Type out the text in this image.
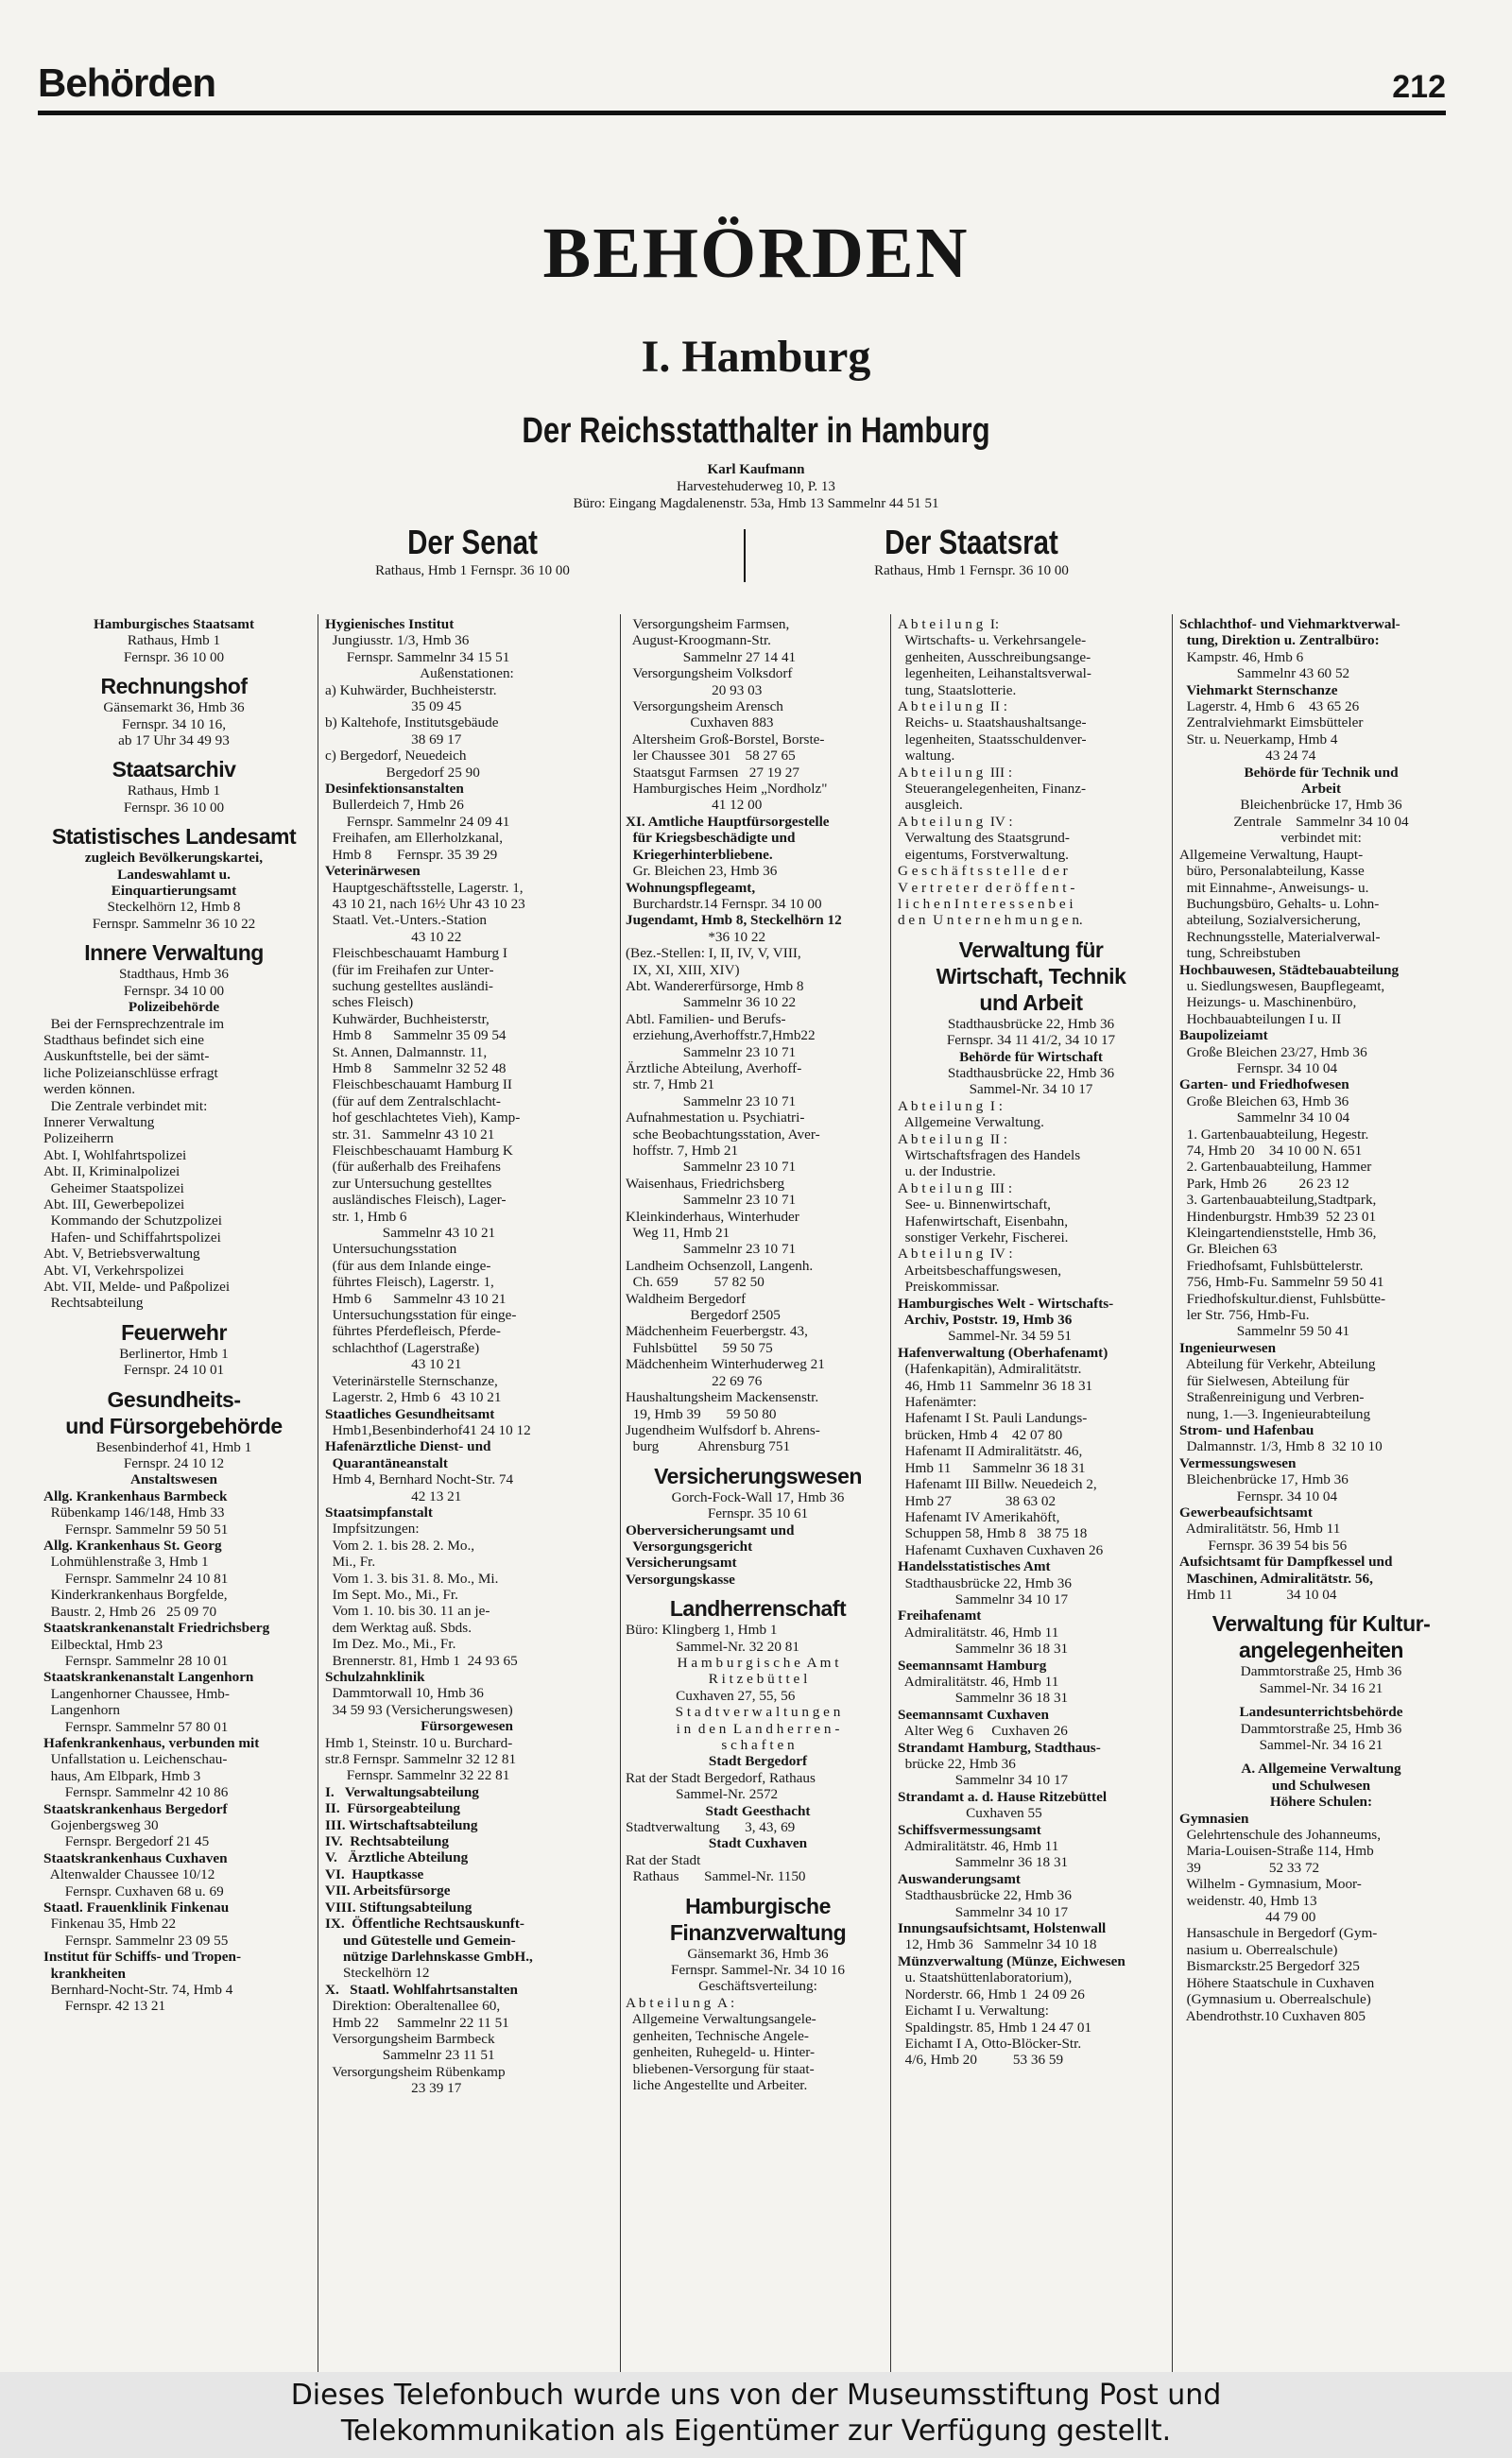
Behörden	212
BEHÖRDEN
I. Hamburg
Der Reichsstatthalter in Hamburg
Karl Kaufmann
Harvestehuderweg 10, P. 13
Büro: Eingang Magdalenenstr. 53a, Hmb 13 Sammelnr 44 51 51
Der Senat
Rathaus, Hmb 1 Fernspr. 36 10 00
Der Staatsrat
Rathaus, Hmb 1 Fernspr. 36 10 00
Hamburgisches Staatsamt
Rathaus, Hmb 1
Fernspr. 36 10 00
Rechnungshof
Gänsemarkt 36, Hmb 36
Fernspr. 34 10 16,
ab 17 Uhr 34 49 93
Staatsarchiv
Rathaus, Hmb 1
Fernspr. 36 10 00
Statistisches Landesamt
zugleich Bevölkerungskartei,
Landeswahlamt u.
Einquartierungsamt
Steckelhörn 12, Hmb 8
Fernspr. Sammelnr 36 10 22
Innere Verwaltung
Stadthaus, Hmb 36
Fernspr. 34 10 00
Polizeibehörde
Bei der Fernsprechzentrale im
Stadthaus befindet sich eine
Auskunftstelle, bei der sämt-
liche Polizeianschlüsse erfragt
werden können.
Die Zentrale verbindet mit:
Innerer Verwaltung
Polizeiherrn
Abt. I, Wohlfahrtspolizei
Abt. II, Kriminalpolizei
Geheimer Staatspolizei
Abt. III, Gewerbepolizei
Kommando der Schutzpolizei
Hafen- und Schiffahrtspolizei
Abt. V, Betriebsverwaltung
Abt. VI, Verkehrspolizei
Abt. VII, Melde- und Paßpolizei
Rechtsabteilung
Feuerwehr
Berlinertor, Hmb 1
Fernspr. 24 10 01
Gesundheits-
und Fürsorgebehörde
Besenbinderhof 41, Hmb 1
Fernspr. 24 10 12
Anstaltswesen
Allg. Krankenhaus Barmbeck
Rübenkamp 146/148, Hmb 33
Fernspr. Sammelnr 59 50 51
Allg. Krankenhaus St. Georg
Lohmühlenstraße 3, Hmb 1
Fernspr. Sammelnr 24 10 81
Kinderkrankenhaus Borgfelde,
Baustr. 2, Hmb 26   25 09 70
Staatskrankenanstalt Friedrichsberg
Eilbecktal, Hmb 23
Fernspr. Sammelnr 28 10 01
Staatskrankenanstalt Langenhorn
Langenhorner Chaussee, Hmb-
Langenhorn
Fernspr. Sammelnr 57 80 01
Hafenkrankenhaus, verbunden mit
Unfallstation u. Leichenschau-
haus, Am Elbpark, Hmb 3
Fernspr. Sammelnr 42 10 86
Staatskrankenhaus Bergedorf
Gojenbergsweg 30
Fernspr. Bergedorf 21 45
Staatskrankenhaus Cuxhaven
Altenwalder Chaussee 10/12
Fernspr. Cuxhaven 68 u. 69
Staatl. Frauenklinik Finkenau
Finkenau 35, Hmb 22
Fernspr. Sammelnr 23 09 55
Institut für Schiffs- und Tropen-
krankheiten
Bernhard-Nocht-Str. 74, Hmb 4
Fernspr. 42 13 21
Hygienisches Institut
Jungiusstr. 1/3, Hmb 36
Fernspr. Sammelnr 34 15 51
Außenstationen:
a) Kuhwärder, Buchheisterstr.
35 09 45
b) Kaltehofe, Institutsgebäude
38 69 17
c) Bergedorf, Neuedeich
Bergedorf 25 90
Desinfektionsanstalten
Bullerdeich 7, Hmb 26
Fernspr. Sammelnr 24 09 41
Freihafen, am Ellerholzkanal,
Hmb 8       Fernspr. 35 39 29
Veterinärwesen
Hauptgeschäftsstelle, Lagerstr. 1,
43 10 21, nach 16½ Uhr 43 10 23
Staatl. Vet.-Unters.-Station
43 10 22
Fleischbeschauamt Hamburg I
(für im Freihafen zur Unter-
suchung gestelltes ausländi-
sches Fleisch)
Kuhwärder, Buchheisterstr,
Hmb 8      Sammelnr 35 09 54
St. Annen, Dalmannstr. 11,
Hmb 8      Sammelnr 32 52 48
Fleischbeschauamt Hamburg II
(für auf dem Zentralschlacht-
hof geschlachtetes Vieh), Kamp-
str. 31.   Sammelnr 43 10 21
Fleischbeschauamt Hamburg K
(für außerhalb des Freihafens
zur Untersuchung gestelltes
ausländisches Fleisch), Lager-
str. 1, Hmb 6
Sammelnr 43 10 21
Untersuchungsstation
(für aus dem Inlande einge-
führtes Fleisch), Lagerstr. 1,
Hmb 6      Sammelnr 43 10 21
Untersuchungsstation für einge-
führtes Pferdefleisch, Pferde-
schlachthof (Lagerstraße)
43 10 21
Veterinärstelle Sternschanze,
Lagerstr. 2, Hmb 6   43 10 21
Staatliches Gesundheitsamt
Hmb1,Besenbinderhof41 24 10 12
Hafenärztliche Dienst- und
Quarantäneanstalt
Hmb 4, Bernhard Nocht-Str. 74
42 13 21
Staatsimpfanstalt
Impfsitzungen:
Vom 2. 1. bis 28. 2. Mo.,
Mi., Fr.
Vom 1. 3. bis 31. 8. Mo., Mi.
Im Sept. Mo., Mi., Fr.
Vom 1. 10. bis 30. 11 an je-
dem Werktag auß. Sbds.
Im Dez. Mo., Mi., Fr.
Brennerstr. 81, Hmb 1  24 93 65
Schulzahnklinik
Dammtorwall 10, Hmb 36
34 59 93 (Versicherungswesen)
Fürsorgewesen
Hmb 1, Steinstr. 10 u. Burchard-
str.8 Fernspr. Sammelnr 32 12 81
Fernspr. Sammelnr 32 22 81
I.   Verwaltungsabteilung
II.  Fürsorgeabteilung
III. Wirtschaftsabteilung
IV.  Rechtsabteilung
V.   Ärztliche Abteilung
VI.  Hauptkasse
VII. Arbeitsfürsorge
VIII. Stiftungsabteilung
IX.  Öffentliche Rechtsauskunft-
und Gütestelle und Gemein-
nützige Darlehnskasse GmbH.,
Steckelhörn 12
X.   Staatl. Wohlfahrtsanstalten
Direktion: Oberaltenallee 60,
Hmb 22     Sammelnr 22 11 51
Versorgungsheim Barmbeck
Sammelnr 23 11 51
Versorgungsheim Rübenkamp
23 39 17
Versorgungsheim Farmsen,
August-Kroogmann-Str.
Sammelnr 27 14 41
Versorgungsheim Volksdorf
20 93 03
Versorgungsheim Arensch
Cuxhaven 883
Altersheim Groß-Borstel, Borste-
ler Chaussee 301    58 27 65
Staatsgut Farmsen   27 19 27
Hamburgisches Heim „Nordholz"
41 12 00
XI. Amtliche Hauptfürsorgestelle
für Kriegsbeschädigte und
Kriegerhinterbliebene.
Gr. Bleichen 23, Hmb 36
Wohnungspflegeamt,
Burchardstr.14 Fernspr. 34 10 00
Jugendamt, Hmb 8, Steckelhörn 12
*36 10 22
(Bez.-Stellen: I, II, IV, V, VIII,
IX, XI, XIII, XIV)
Abt. Wandererfürsorge, Hmb 8
Sammelnr 36 10 22
Abtl. Familien- und Berufs-
erziehung,Averhoffstr.7,Hmb22
Sammelnr 23 10 71
Ärztliche Abteilung, Averhoff-
str. 7, Hmb 21
Sammelnr 23 10 71
Aufnahmestation u. Psychiatri-
sche Beobachtungsstation, Aver-
hoffstr. 7, Hmb 21
Sammelnr 23 10 71
Waisenhaus, Friedrichsberg
Sammelnr 23 10 71
Kleinkinderhaus, Winterhuder
Weg 11, Hmb 21
Sammelnr 23 10 71
Landheim Ochsenzoll, Langenh.
Ch. 659          57 82 50
Waldheim Bergedorf
Bergedorf 2505
Mädchenheim Feuerbergstr. 43,
Fuhlsbüttel       59 50 75
Mädchenheim Winterhuderweg 21
22 69 76
Haushaltungsheim Mackensenstr.
19, Hmb 39       59 50 80
Jugendheim Wulfsdorf b. Ahrens-
burg           Ahrensburg 751
Versicherungswesen
Gorch-Fock-Wall 17, Hmb 36
Fernspr. 35 10 61
Oberversicherungsamt und
Versorgungsgericht
Versicherungsamt
Versorgungskasse
Landherrenschaft
Büro: Klingberg 1, Hmb 1
Sammel-Nr. 32 20 81
H a m b u r g i s c h e  A m t
R i t z e b ü t t e l
Cuxhaven 27, 55, 56
S t a d t v e r w a l t u n g e n
i n  d e n  L a n d h e r r e n -
s c h a f t e n
Stadt Bergedorf
Rat der Stadt Bergedorf, Rathaus
Sammel-Nr. 2572
Stadt Geesthacht
Stadtverwaltung       3, 43, 69
Stadt Cuxhaven
Rat der Stadt
Rathaus       Sammel-Nr. 1150
Hamburgische
Finanzverwaltung
Gänsemarkt 36, Hmb 36
Fernspr. Sammel-Nr. 34 10 16
Geschäftsverteilung:
A b t e i l u n g  A :
Allgemeine Verwaltungsangele-
genheiten, Technische Angele-
genheiten, Ruhegeld- u. Hinter-
bliebenen-Versorgung für staat-
liche Angestellte und Arbeiter.
A b t e i l u n g  I:
Wirtschafts- u. Verkehrsangele-
genheiten, Ausschreibungsange-
legenheiten, Leihanstaltsverwal-
tung, Staatslotterie.
A b t e i l u n g  II :
Reichs- u. Staatshaushaltsange-
legenheiten, Staatsschuldenver-
waltung.
A b t e i l u n g  III :
Steuerangelegenheiten, Finanz-
ausgleich.
A b t e i l u n g  IV :
Verwaltung des Staatsgrund-
eigentums, Forstverwaltung.
G e s c h ä f t s s t e l l e  d e r
V e r t r e t e r  d e r ö f f e n t -
l i c h e n I n t e r e s s e n b e i
d e n  U n t e r n e h m u n g e n.
Verwaltung für
Wirtschaft, Technik
und Arbeit
Stadthausbrücke 22, Hmb 36
Fernspr. 34 11 41/2, 34 10 17
Behörde für Wirtschaft
Stadthausbrücke 22, Hmb 36
Sammel-Nr. 34 10 17
A b t e i l u n g  I :
Allgemeine Verwaltung.
A b t e i l u n g  II :
Wirtschaftsfragen des Handels
u. der Industrie.
A b t e i l u n g  III :
See- u. Binnenwirtschaft,
Hafenwirtschaft, Eisenbahn,
sonstiger Verkehr, Fischerei.
A b t e i l u n g  IV :
Arbeitsbeschaffungswesen,
Preiskommissar.
Hamburgisches Welt - Wirtschafts-
Archiv, Poststr. 19, Hmb 36
Sammel-Nr. 34 59 51
Hafenverwaltung (Oberhafenamt)
(Hafenkapitän), Admiralitätstr.
46, Hmb 11  Sammelnr 36 18 31
Hafenämter:
Hafenamt I St. Pauli Landungs-
brücken, Hmb 4    42 07 80
Hafenamt II Admiralitätstr. 46,
Hmb 11      Sammelnr 36 18 31
Hafenamt III Billw. Neuedeich 2,
Hmb 27               38 63 02
Hafenamt IV Amerikahöft,
Schuppen 58, Hmb 8   38 75 18
Hafenamt Cuxhaven Cuxhaven 26
Handelsstatistisches Amt
Stadthausbrücke 22, Hmb 36
Sammelnr 34 10 17
Freihafenamt
Admiralitätstr. 46, Hmb 11
Sammelnr 36 18 31
Seemannsamt Hamburg
Admiralitätstr. 46, Hmb 11
Sammelnr 36 18 31
Seemannsamt Cuxhaven
Alter Weg 6     Cuxhaven 26
Strandamt Hamburg, Stadthaus-
brücke 22, Hmb 36
Sammelnr 34 10 17
Strandamt a. d. Hause Ritzebüttel
Cuxhaven 55
Schiffsvermessungsamt
Admiralitätstr. 46, Hmb 11
Sammelnr 36 18 31
Auswanderungsamt
Stadthausbrücke 22, Hmb 36
Sammelnr 34 10 17
Innungsaufsichtsamt, Holstenwall
12, Hmb 36   Sammelnr 34 10 18
Münzverwaltung (Münze, Eichwesen
u. Staatshüttenlaboratorium),
Norderstr. 66, Hmb 1  24 09 26
Eichamt I u. Verwaltung:
Spaldingstr. 85, Hmb 1 24 47 01
Eichamt I A, Otto-Blöcker-Str.
4/6, Hmb 20          53 36 59
Schlachthof- und Viehmarktverwal-
tung, Direktion u. Zentralbüro:
Kampstr. 46, Hmb 6
Sammelnr 43 60 52
Viehmarkt Sternschanze
Lagerstr. 4, Hmb 6    43 65 26
Zentralviehmarkt Eimsbütteler
Str. u. Neuerkamp, Hmb 4
43 24 74
Behörde für Technik und
Arbeit
Bleichenbrücke 17, Hmb 36
Zentrale    Sammelnr 34 10 04
verbindet mit:
Allgemeine Verwaltung, Haupt-
büro, Personalabteilung, Kasse
mit Einnahme-, Anweisungs- u.
Buchungsbüro, Gehalts- u. Lohn-
abteilung, Sozialversicherung,
Rechnungsstelle, Materialverwal-
tung, Schreibstuben
Hochbauwesen, Städtebauabteilung
u. Siedlungswesen, Baupflegeamt,
Heizungs- u. Maschinenbüro,
Hochbauabteilungen I u. II
Baupolizeiamt
Große Bleichen 23/27, Hmb 36
Fernspr. 34 10 04
Garten- und Friedhofwesen
Große Bleichen 63, Hmb 36
Sammelnr 34 10 04
1. Gartenbauabteilung, Hegestr.
74, Hmb 20    34 10 00 N. 651
2. Gartenbauabteilung, Hammer
Park, Hmb 26         26 23 12
3. Gartenbauabteilung,Stadtpark,
Hindenburgstr. Hmb39  52 23 01
Kleingartendienststelle, Hmb 36,
Gr. Bleichen 63
Friedhofsamt, Fuhlsbüttelerstr.
756, Hmb-Fu. Sammelnr 59 50 41
Friedhofskultur.dienst, Fuhlsbütte-
ler Str. 756, Hmb-Fu.
Sammelnr 59 50 41
Ingenieurwesen
Abteilung für Verkehr, Abteilung
für Sielwesen, Abteilung für
Straßenreinigung und Verbren-
nung, 1.—3. Ingenieurabteilung
Strom- und Hafenbau
Dalmannstr. 1/3, Hmb 8  32 10 10
Vermessungswesen
Bleichenbrücke 17, Hmb 36
Fernspr. 34 10 04
Gewerbeaufsichtsamt
Admiralitätstr. 56, Hmb 11
Fernspr. 36 39 54 bis 56
Aufsichtsamt für Dampfkessel und
Maschinen, Admiralitätstr. 56,
Hmb 11               34 10 04
Verwaltung für Kultur-
angelegenheiten
Dammtorstraße 25, Hmb 36
Sammel-Nr. 34 16 21
Landesunterrichtsbehörde
Dammtorstraße 25, Hmb 36
Sammel-Nr. 34 16 21
A. Allgemeine Verwaltung
und Schulwesen
Höhere Schulen:
Gymnasien
Gelehrtenschule des Johanneums,
Maria-Louisen-Straße 114, Hmb
39                   52 33 72
Wilhelm - Gymnasium, Moor-
weidenstr. 40, Hmb 13
44 79 00
Hansaschule in Bergedorf (Gym-
nasium u. Oberrealschule)
Bismarckstr.25 Bergedorf 325
Höhere Staatschule in Cuxhaven
(Gymnasium u. Oberrealschule)
Abendrothstr.10 Cuxhaven 805
Dieses Telefonbuch wurde uns von der Museumsstiftung Post und
Telekommunikation als Eigentümer zur Verfügung gestellt.
